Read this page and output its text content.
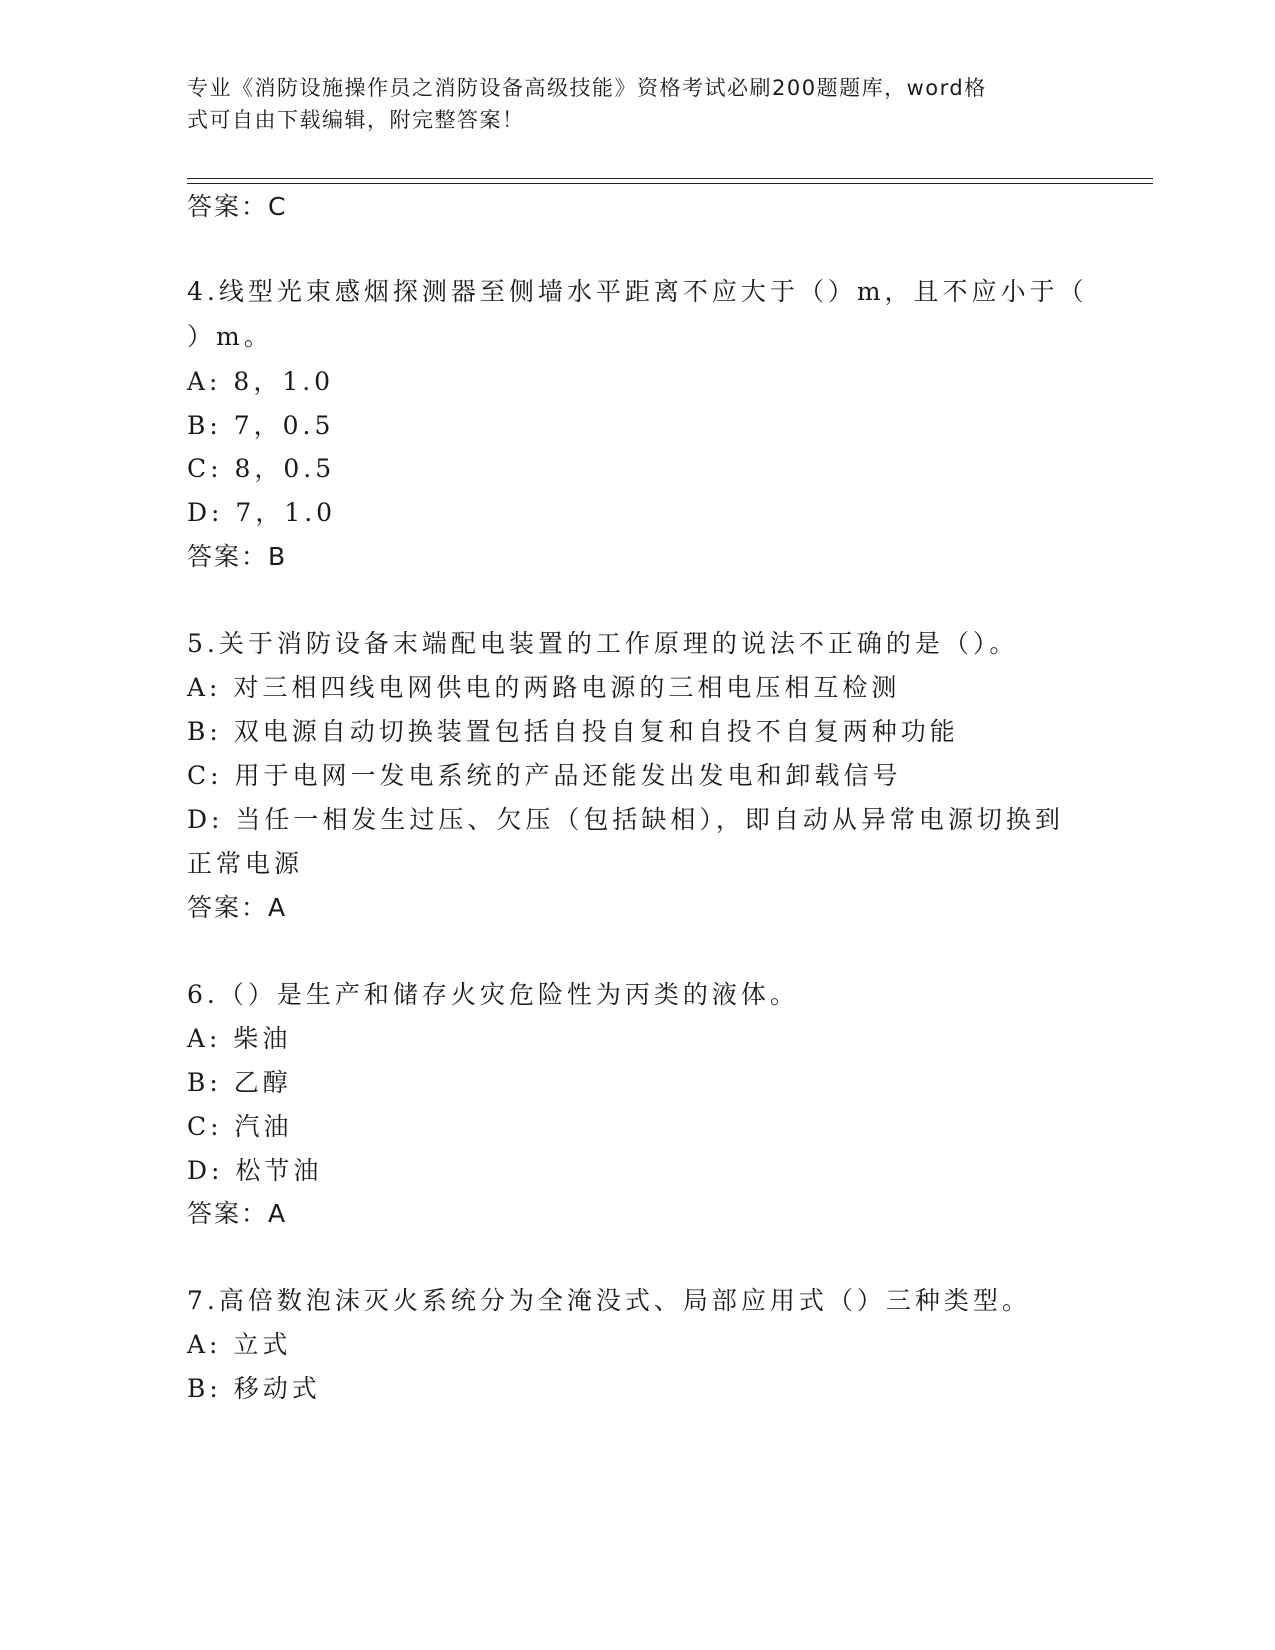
专业《消防设施操作员之消防设备高级技能》资格考试必刷200题题库，word格
式可自由下载编辑，附完整答案！
答案：C
4.线型光束感烟探测器至侧墙水平距离不应大于（）m，且不应小于（
）m。
A: 8，1.0
B: 7，0.5
C: 8，0.5
D: 7，1.0
答案：B
5.关于消防设备末端配电装置的工作原理的说法不正确的是（）。
A: 对三相四线电网供电的两路电源的三相电压相互检测
B: 双电源自动切换装置包括自投自复和自投不自复两种功能
C: 用于电网一发电系统的产品还能发出发电和卸载信号
D: 当任一相发生过压、欠压（包括缺相），即自动从异常电源切换到
正常电源
答案：A
6.（）是生产和储存火灾危险性为丙类的液体。
A: 柴油
B: 乙醇
C: 汽油
D: 松节油
答案：A
7.高倍数泡沫灭火系统分为全淹没式、局部应用式（）三种类型。
A: 立式
B: 移动式
